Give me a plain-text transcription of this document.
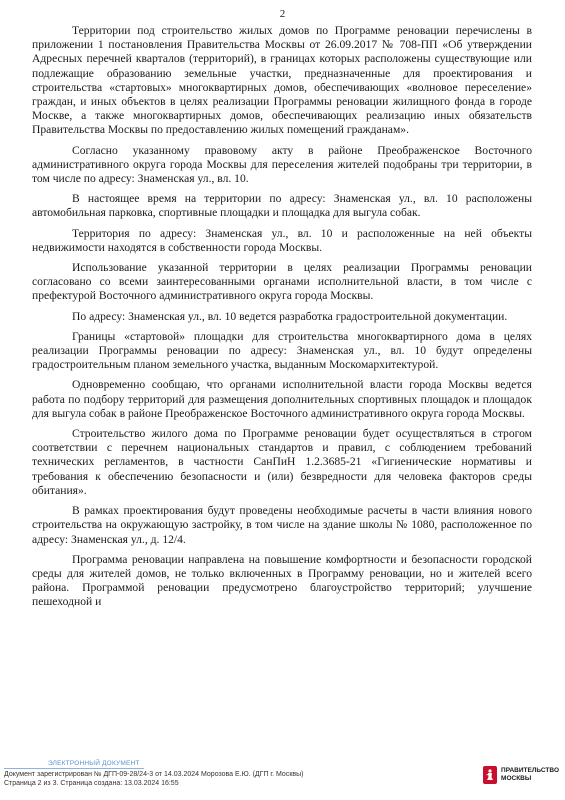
2

Территории под строительство жилых домов по Программе реновации перечислены в приложении 1 постановления Правительства Москвы от 26.09.2017 № 708-ПП «Об утверждении Адресных перечней кварталов (территорий), в границах которых расположены существующие или подлежащие образованию земельные участки, предназначенные для проектирования и строительства «стартовых» многоквартирных домов, обеспечивающих «волновое переселение» граждан, и иных объектов в целях реализации Программы реновации жилищного фонда в городе Москве, а также многоквартирных домов, обеспечивающих реализацию иных обязательств Правительства Москвы по предоставлению жилых помещений гражданам».

Согласно указанному правовому акту в районе Преображенское Восточного административного округа города Москвы для переселения жителей подобраны три территории, в том числе по адресу: Знаменская ул., вл. 10.

В настоящее время на территории по адресу: Знаменская ул., вл. 10 расположены автомобильная парковка, спортивные площадки и площадка для выгула собак.

Территория по адресу: Знаменская ул., вл. 10 и расположенные на ней объекты недвижимости находятся в собственности города Москвы.

Использование указанной территории в целях реализации Программы реновации согласовано со всеми заинтересованными органами исполнительной власти, в том числе с префектурой Восточного административного округа города Москвы.

По адресу: Знаменская ул., вл. 10 ведется разработка градостроительной документации.

Границы «стартовой» площадки для строительства многоквартирного дома в целях реализации Программы реновации по адресу: Знаменская ул., вл. 10 будут определены градостроительным планом земельного участка, выданным Москомархитектурой.

Одновременно сообщаю, что органами исполнительной власти города Москвы ведется работа по подбору территорий для размещения дополнительных спортивных площадок и площадок для выгула собак в районе Преображенское Восточного административного округа города Москвы.

Строительство жилого дома по Программе реновации будет осуществляться в строгом соответствии с перечнем национальных стандартов и правил, с соблюдением требований технических регламентов, в частности СанПиН 1.2.3685-21 «Гигиенические нормативы и требования к обеспечению безопасности и (или) безвредности для человека факторов среды обитания».

В рамках проектирования будут проведены необходимые расчеты в части влияния нового строительства на окружающую застройку, в том числе на здание школы № 1080, расположенное по адресу: Знаменская ул., д. 12/4.

Программа реновации направлена на повышение комфортности и безопасности городской среды для жителей домов, не только включенных в Программу реновации, но и жителей всего района. Программой реновации предусмотрено благоустройство территорий; улучшение пешеходной и

ЭЛЕКТРОННЫЙ ДОКУМЕНТ
Документ зарегистрирован № ДГП-09-28/24-3 от 14.03.2024 Морозова Е.Ю. (ДГП г. Москвы)
Страница 2 из 3. Страница создана: 13.03.2024 16:55
ПРАВИТЕЛЬСТВО
МОСКВЫ
